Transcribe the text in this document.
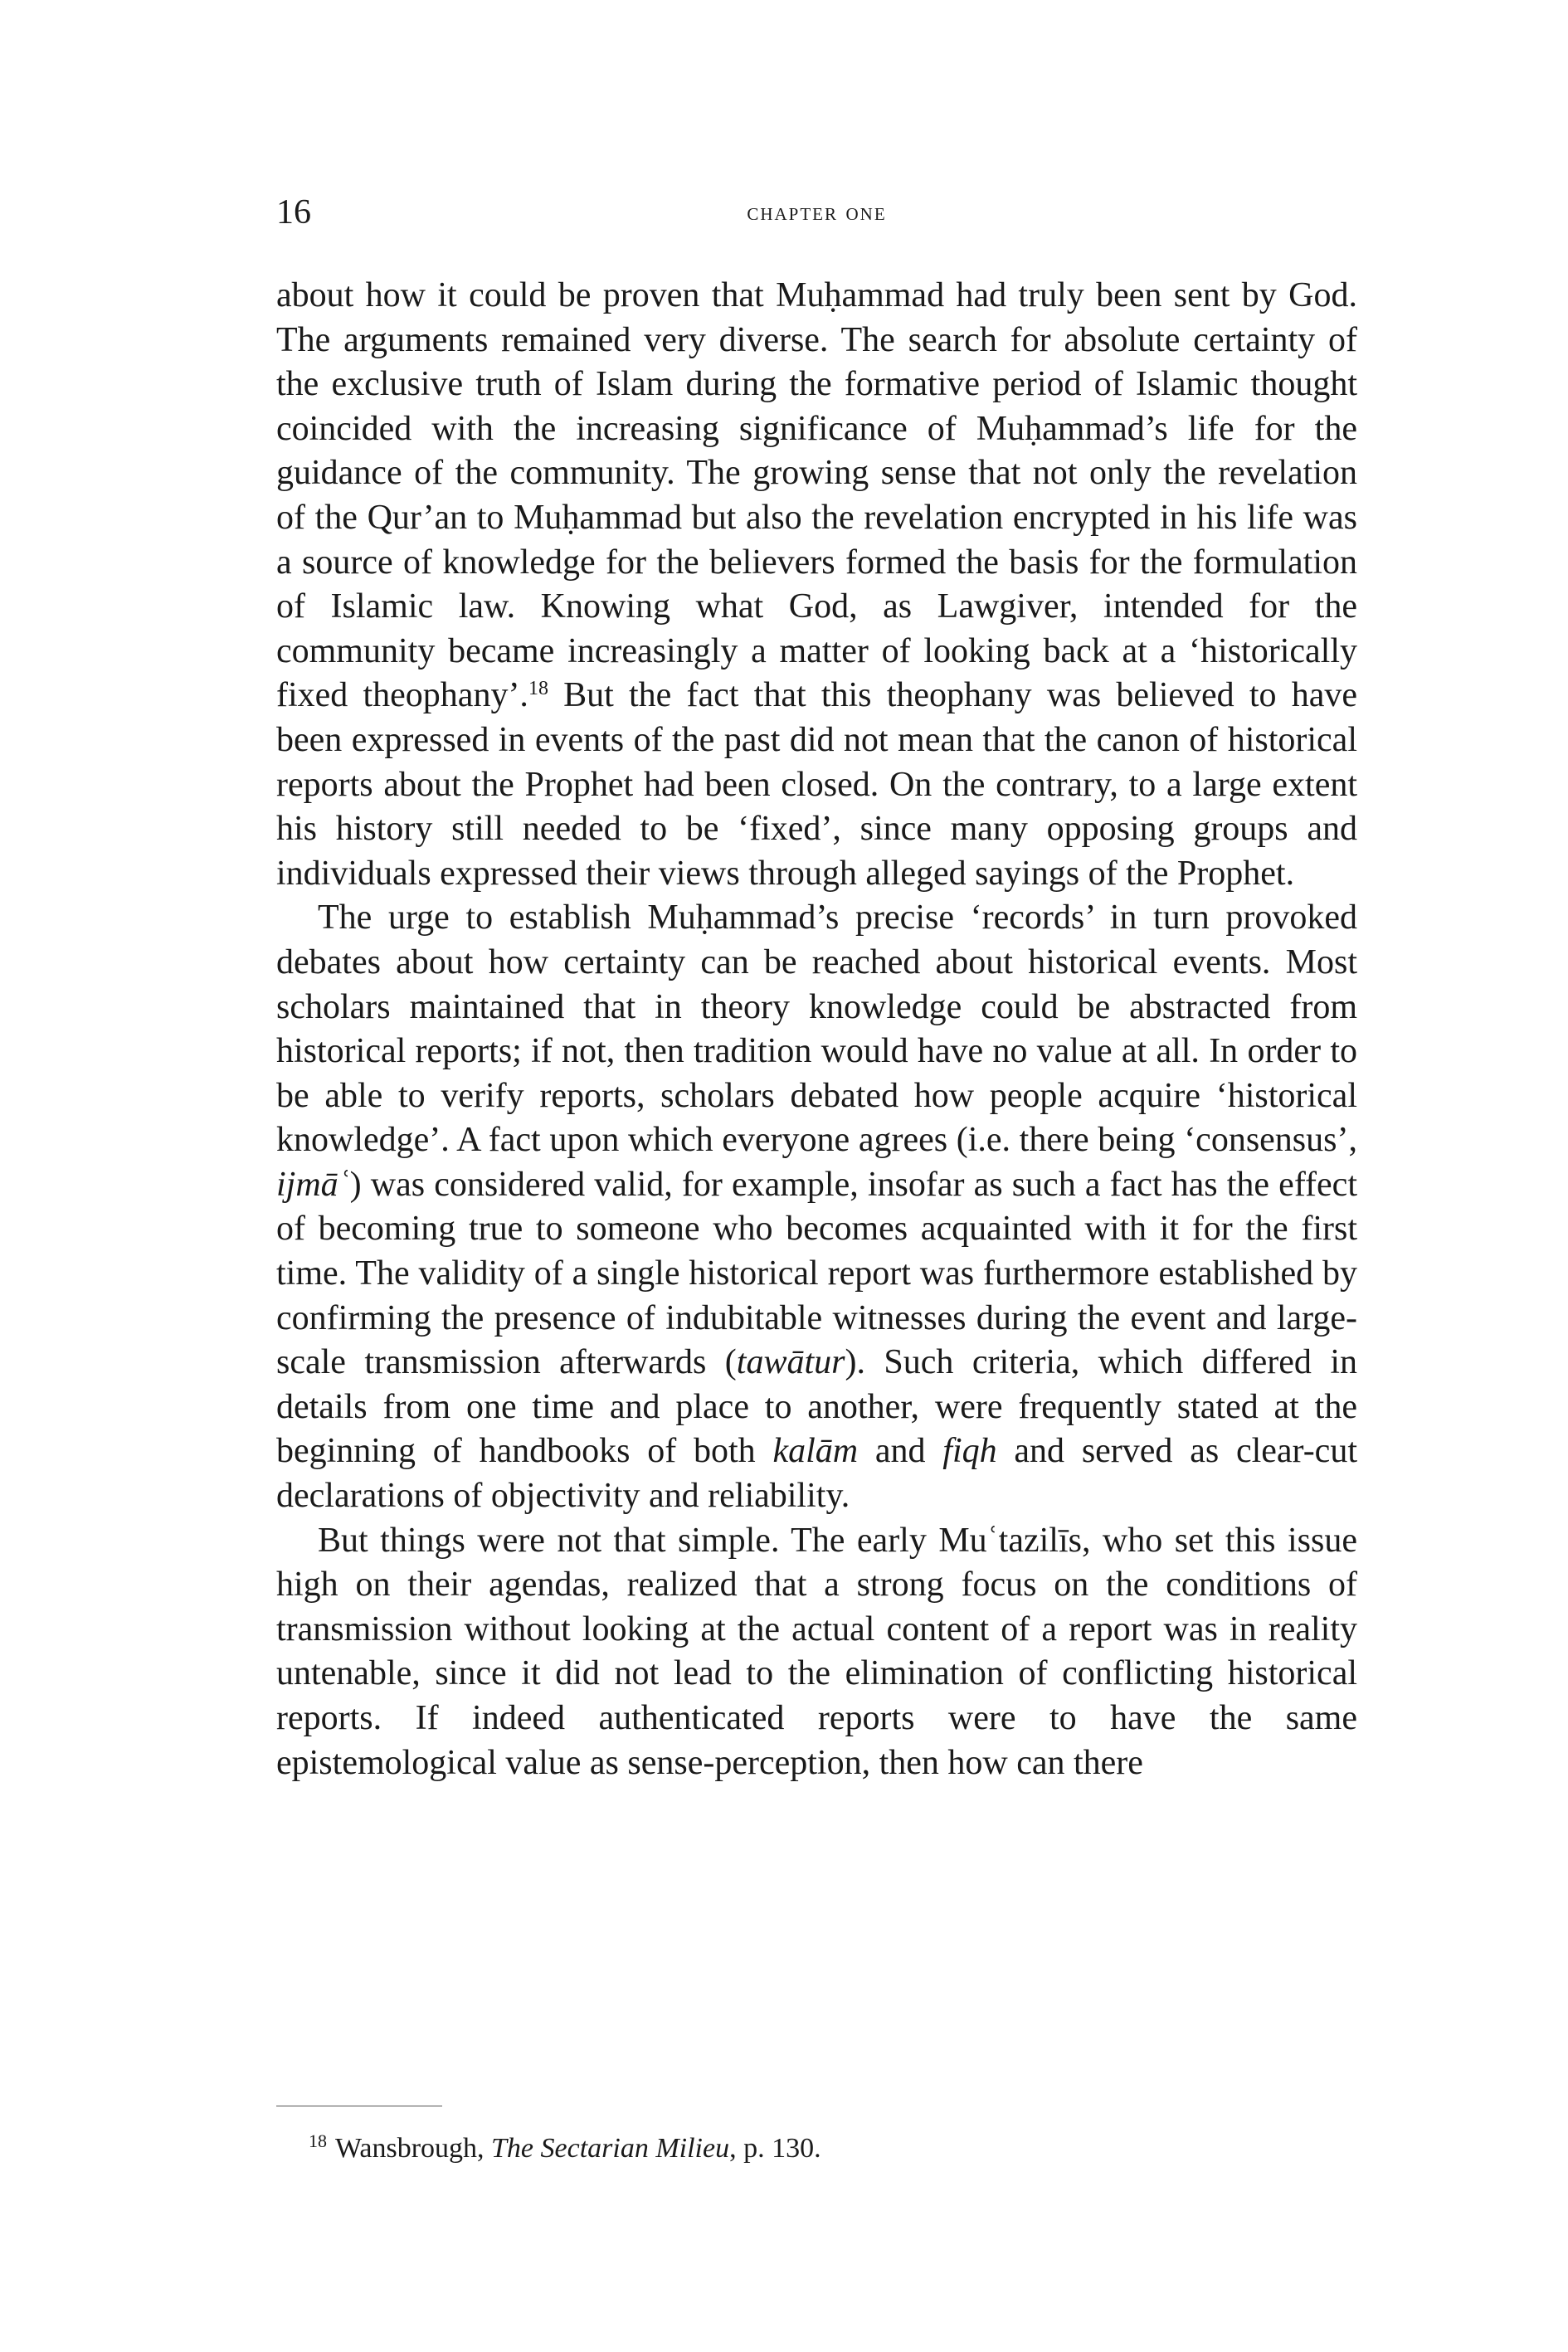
16	chapter one

about how it could be proven that Muḥammad had truly been sent by God. The arguments remained very diverse. The search for absolute certainty of the exclusive truth of Islam during the formative period of Islamic thought coincided with the increasing significance of Muḥammad’s life for the guidance of the community. The growing sense that not only the revelation of the Qur’an to Muḥammad but also the revelation encrypted in his life was a source of knowledge for the believers formed the basis for the formulation of Islamic law. Knowing what God, as Lawgiver, intended for the community became increasingly a matter of looking back at a ‘historically fixed theophany’.$^{18}$ But the fact that this theophany was believed to have been expressed in events of the past did not mean that the canon of historical reports about the Prophet had been closed. On the contrary, to a large extent his history still needed to be ‘fixed’, since many opposing groups and individuals expressed their views through alleged sayings of the Prophet.

The urge to establish Muḥammad’s precise ‘records’ in turn provoked debates about how certainty can be reached about historical events. Most scholars maintained that in theory knowledge could be abstracted from historical reports; if not, then tradition would have no value at all. In order to be able to verify reports, scholars debated how people acquire ‘historical knowledge’. A fact upon which everyone agrees (i.e. there being ‘consensus’, ijmāʿ) was considered valid, for example, insofar as such a fact has the effect of becoming true to someone who becomes acquainted with it for the first time. The validity of a single historical report was furthermore established by confirming the presence of indubitable witnesses during the event and large-scale transmission afterwards (tawātur). Such criteria, which differed in details from one time and place to another, were frequently stated at the beginning of handbooks of both kalām and fiqh and served as clear-cut declarations of objectivity and reliability.

But things were not that simple. The early Muʿtazilīs, who set this issue high on their agendas, realized that a strong focus on the conditions of transmission without looking at the actual content of a report was in reality untenable, since it did not lead to the elimination of conflicting historical reports. If indeed authenticated reports were to have the same epistemological value as sense-perception, then how can there

$^{18}$ Wansbrough, The Sectarian Milieu, p. 130.
